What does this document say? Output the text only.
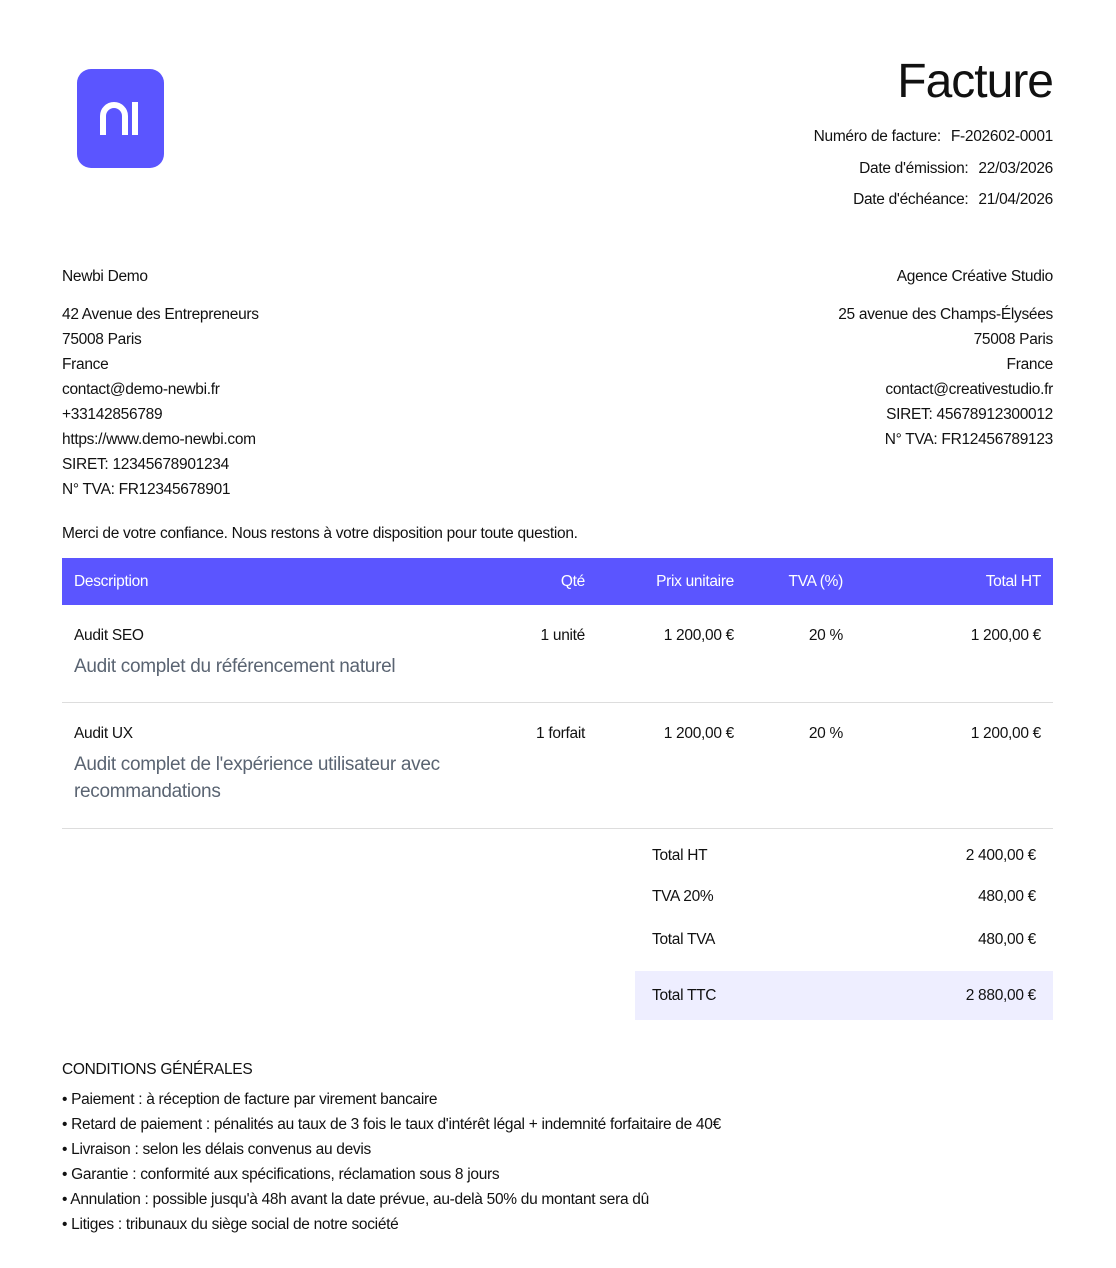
Facture
Numéro de facture: F-202602-0001
Date d'émission: 22/03/2026
Date d'échéance: 21/04/2026
Newbi Demo
42 Avenue des Entrepreneurs
75008 Paris
France
contact@demo-newbi.fr
+33142856789
https://www.demo-newbi.com
SIRET: 12345678901234
N° TVA: FR12345678901
Agence Créative Studio
25 avenue des Champs-Élysées
75008 Paris
France
contact@creativestudio.fr
SIRET: 45678912300012
N° TVA: FR12456789123
Merci de votre confiance. Nous restons à votre disposition pour toute question.
Description	Qté	Prix unitaire	TVA (%)	Total HT

Audit SEO
Audit complet du référencement naturel	1 unité	1 200,00 €	20 %	1 200,00 €

Audit UX
Audit complet de l'expérience utilisateur avec recommandations	1 forfait	1 200,00 €	20 %	1 200,00 €
Total HT	2 400,00 €
TVA 20%	480,00 €
Total TVA	480,00 €
Total TTC	2 880,00 €
CONDITIONS GÉNÉRALES
• Paiement : à réception de facture par virement bancaire
• Retard de paiement : pénalités au taux de 3 fois le taux d'intérêt légal + indemnité forfaitaire de 40€
• Livraison : selon les délais convenus au devis
• Garantie : conformité aux spécifications, réclamation sous 8 jours
• Annulation : possible jusqu'à 48h avant la date prévue, au-delà 50% du montant sera dû
• Litiges : tribunaux du siège social de notre société
